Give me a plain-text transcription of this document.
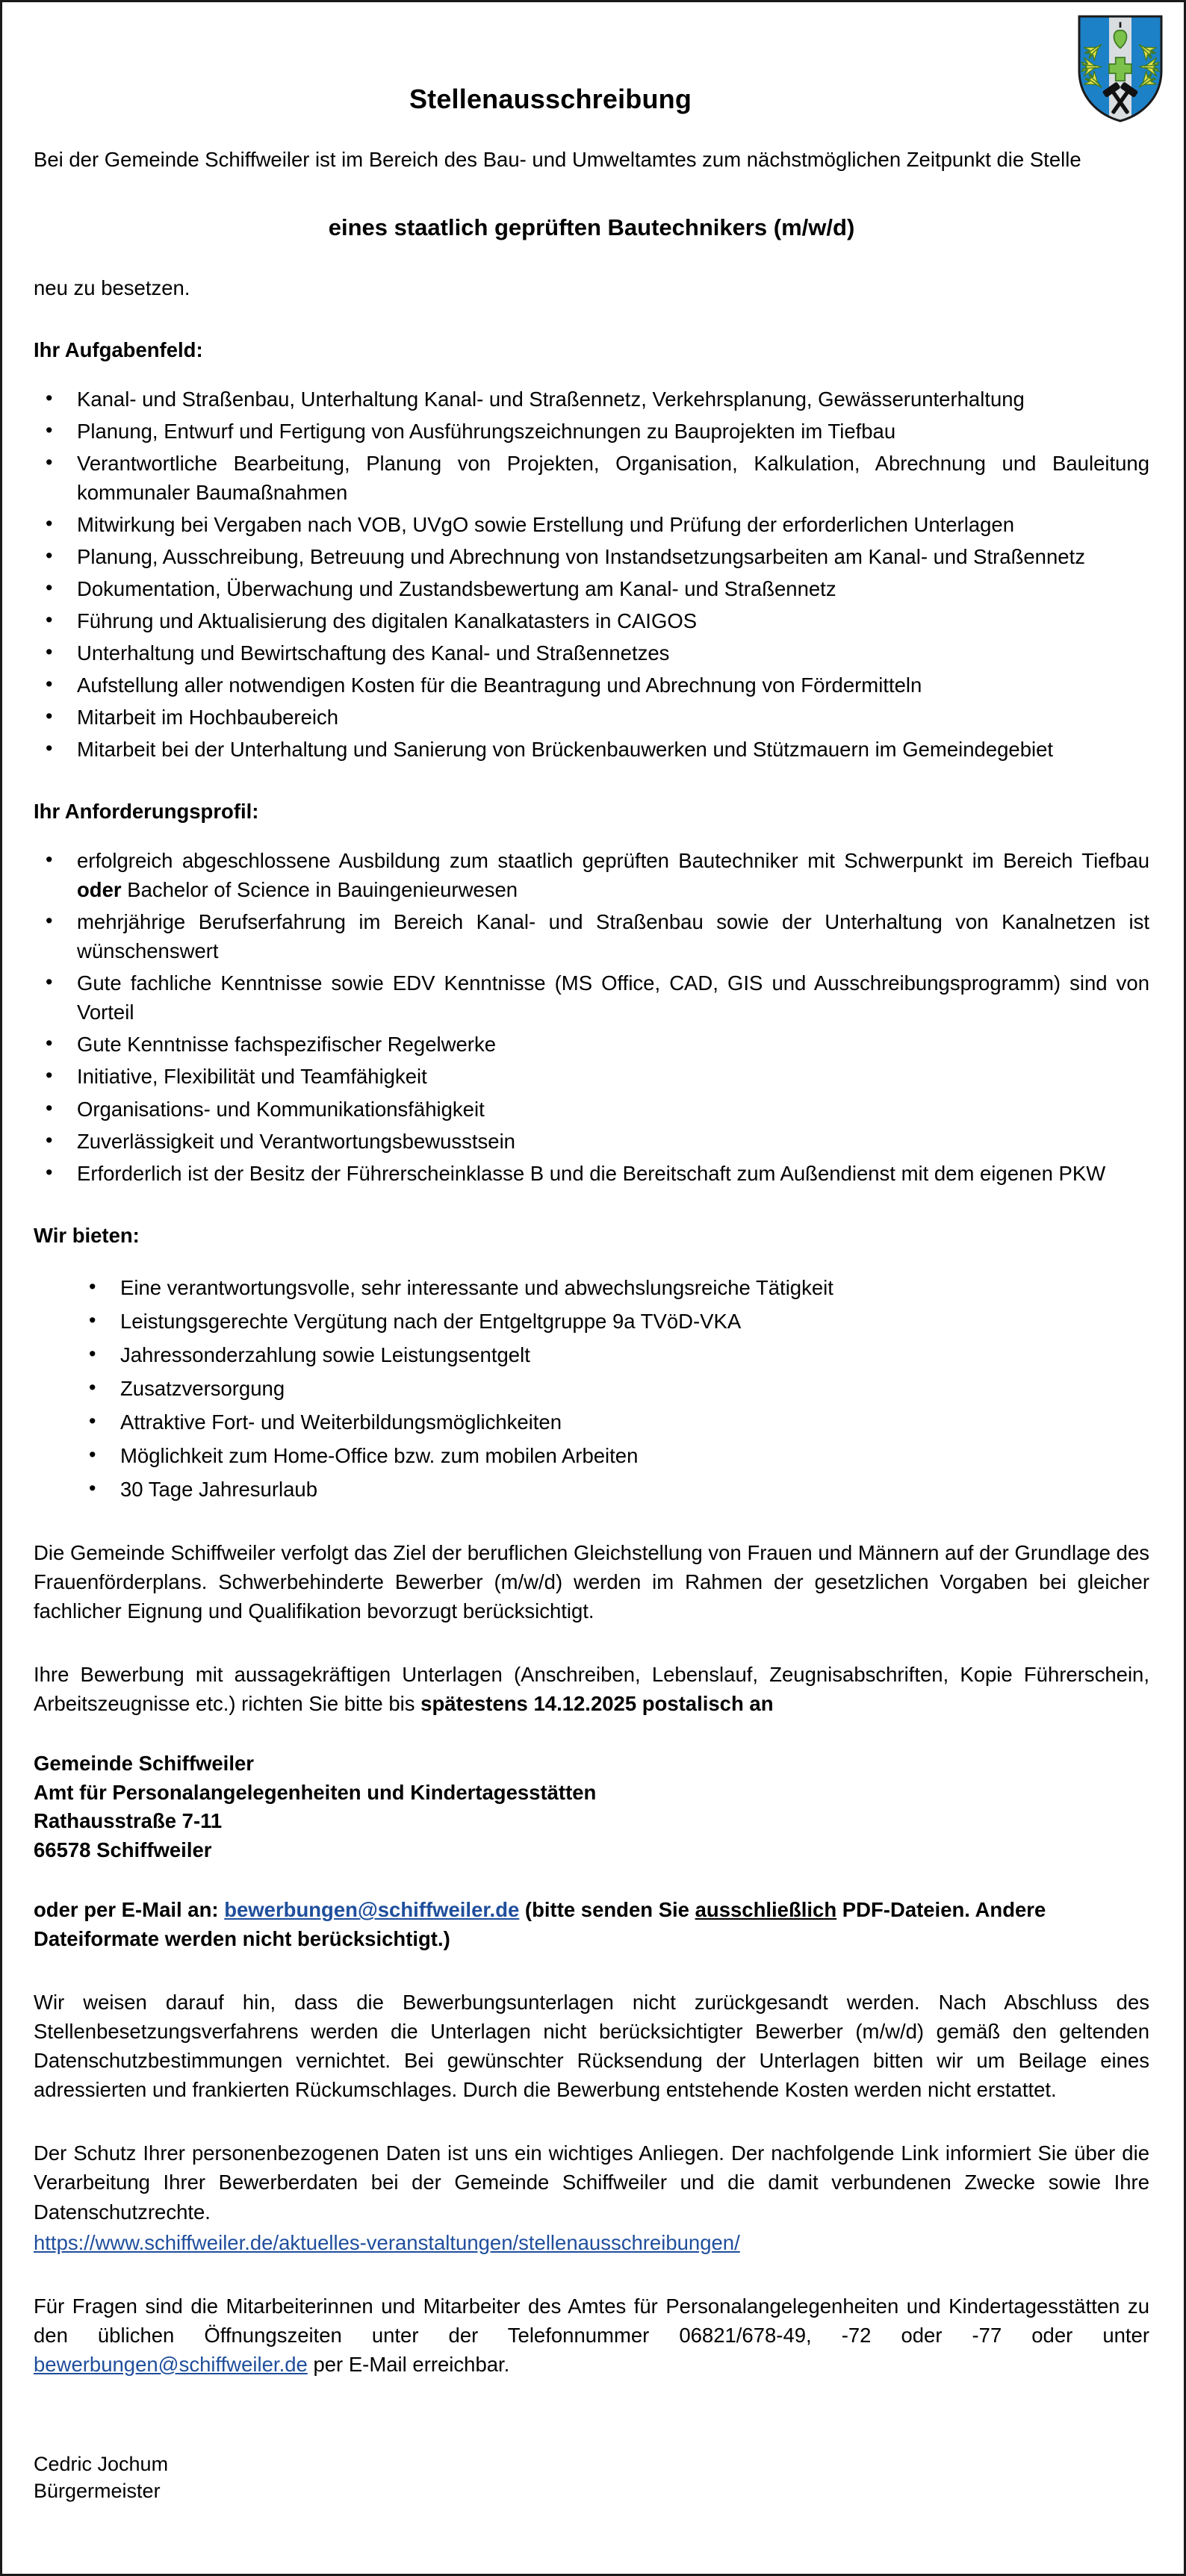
Stellenausschreibung

Bei der Gemeinde Schiffweiler ist im Bereich des Bau- und Umweltamtes zum nächstmöglichen Zeitpunkt die Stelle

eines staatlich geprüften Bautechnikers (m/w/d)

neu zu besetzen.

Ihr Aufgabenfeld:

• Kanal- und Straßenbau, Unterhaltung Kanal- und Straßennetz, Verkehrsplanung, Gewässerunterhaltung
• Planung, Entwurf und Fertigung von Ausführungszeichnungen zu Bauprojekten im Tiefbau
• Verantwortliche Bearbeitung, Planung von Projekten, Organisation, Kalkulation, Abrechnung und Bauleitung kommunaler Baumaßnahmen
• Mitwirkung bei Vergaben nach VOB, UVgO sowie Erstellung und Prüfung der erforderlichen Unterlagen
• Planung, Ausschreibung, Betreuung und Abrechnung von Instandsetzungsarbeiten am Kanal- und Straßennetz
• Dokumentation, Überwachung und Zustandsbewertung am Kanal- und Straßennetz
• Führung und Aktualisierung des digitalen Kanalkatasters in CAIGOS
• Unterhaltung und Bewirtschaftung des Kanal- und Straßennetzes
• Aufstellung aller notwendigen Kosten für die Beantragung und Abrechnung von Fördermitteln
• Mitarbeit im Hochbaubereich
• Mitarbeit bei der Unterhaltung und Sanierung von Brückenbauwerken und Stützmauern im Gemeindegebiet

Ihr Anforderungsprofil:

• erfolgreich abgeschlossene Ausbildung zum staatlich geprüften Bautechniker mit Schwerpunkt im Bereich Tiefbau oder Bachelor of Science in Bauingenieurwesen
• mehrjährige Berufserfahrung im Bereich Kanal- und Straßenbau sowie der Unterhaltung von Kanalnetzen ist wünschenswert
• Gute fachliche Kenntnisse sowie EDV Kenntnisse (MS Office, CAD, GIS und Ausschreibungsprogramm) sind von Vorteil
• Gute Kenntnisse fachspezifischer Regelwerke
• Initiative, Flexibilität und Teamfähigkeit
• Organisations- und Kommunikationsfähigkeit
• Zuverlässigkeit und Verantwortungsbewusstsein
• Erforderlich ist der Besitz der Führerscheinklasse B und die Bereitschaft zum Außendienst mit dem eigenen PKW

Wir bieten:

• Eine verantwortungsvolle, sehr interessante und abwechslungsreiche Tätigkeit
• Leistungsgerechte Vergütung nach der Entgeltgruppe 9a TVöD-VKA
• Jahressonderzahlung sowie Leistungsentgelt
• Zusatzversorgung
• Attraktive Fort- und Weiterbildungsmöglichkeiten
• Möglichkeit zum Home-Office bzw. zum mobilen Arbeiten
• 30 Tage Jahresurlaub

Die Gemeinde Schiffweiler verfolgt das Ziel der beruflichen Gleichstellung von Frauen und Männern auf der Grundlage des Frauenförderplans. Schwerbehinderte Bewerber (m/w/d) werden im Rahmen der gesetzlichen Vorgaben bei gleicher fachlicher Eignung und Qualifikation bevorzugt berücksichtigt.

Ihre Bewerbung mit aussagekräftigen Unterlagen (Anschreiben, Lebenslauf, Zeugnisabschriften, Kopie Führerschein, Arbeitszeugnisse etc.) richten Sie bitte bis spätestens 14.12.2025 postalisch an

Gemeinde Schiffweiler
Amt für Personalangelegenheiten und Kindertagesstätten
Rathausstraße 7-11
66578 Schiffweiler

oder per E-Mail an: bewerbungen@schiffweiler.de (bitte senden Sie ausschließlich PDF-Dateien. Andere Dateiformate werden nicht berücksichtigt.)

Wir weisen darauf hin, dass die Bewerbungsunterlagen nicht zurückgesandt werden. Nach Abschluss des Stellenbesetzungsverfahrens werden die Unterlagen nicht berücksichtigter Bewerber (m/w/d) gemäß den geltenden Datenschutzbestimmungen vernichtet. Bei gewünschter Rücksendung der Unterlagen bitten wir um Beilage eines adressierten und frankierten Rückumschlages. Durch die Bewerbung entstehende Kosten werden nicht erstattet.

Der Schutz Ihrer personenbezogenen Daten ist uns ein wichtiges Anliegen. Der nachfolgende Link informiert Sie über die Verarbeitung Ihrer Bewerberdaten bei der Gemeinde Schiffweiler und die damit verbundenen Zwecke sowie Ihre Datenschutzrechte.

https://www.schiffweiler.de/aktuelles-veranstaltungen/stellenausschreibungen/

Für Fragen sind die Mitarbeiterinnen und Mitarbeiter des Amtes für Personalangelegenheiten und Kindertagesstätten zu den üblichen Öffnungszeiten unter der Telefonnummer 06821/678-49, -72 oder -77 oder unter bewerbungen@schiffweiler.de per E-Mail erreichbar.

Cedric Jochum
Bürgermeister
